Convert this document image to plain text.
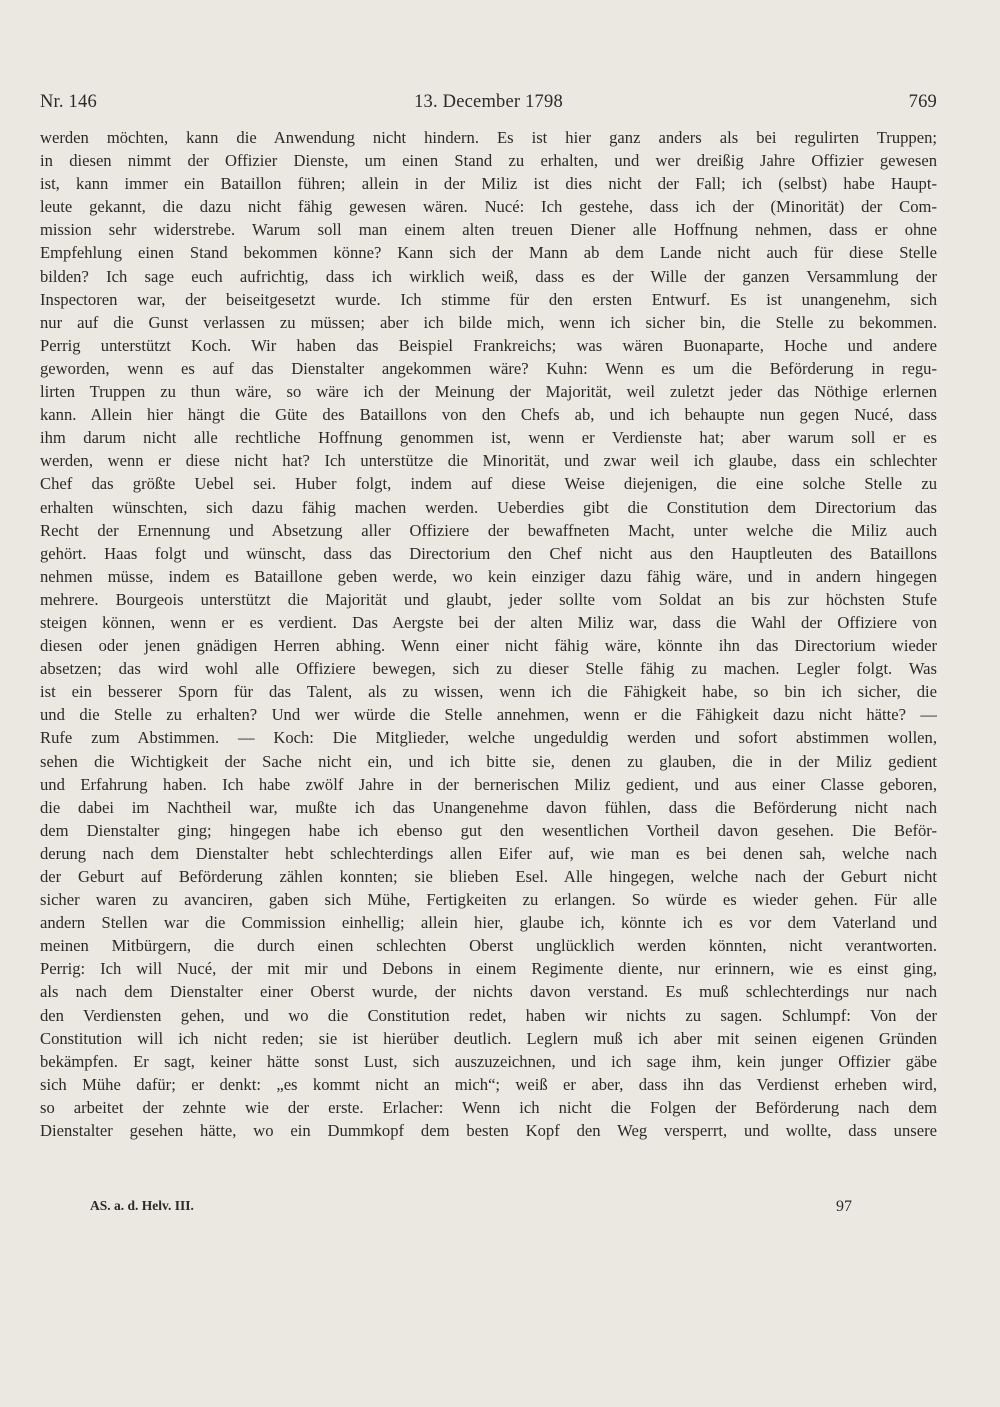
Nr. 146	13. December 1798	769
werden möchten, kann die Anwendung nicht hindern. Es ist hier ganz anders als bei regulirten Truppen;
in diesen nimmt der Offizier Dienste, um einen Stand zu erhalten, und wer dreißig Jahre Offizier gewesen
ist, kann immer ein Bataillon führen; allein in der Miliz ist dies nicht der Fall; ich (selbst) habe Haupt-
leute gekannt, die dazu nicht fähig gewesen wären. Nucé: Ich gestehe, dass ich der (Minorität) der Com-
mission sehr widerstrebe. Warum soll man einem alten treuen Diener alle Hoffnung nehmen, dass er ohne
Empfehlung einen Stand bekommen könne? Kann sich der Mann ab dem Lande nicht auch für diese Stelle
bilden? Ich sage euch aufrichtig, dass ich wirklich weiß, dass es der Wille der ganzen Versammlung der
Inspectoren war, der beiseitgesetzt wurde. Ich stimme für den ersten Entwurf. Es ist unangenehm, sich
nur auf die Gunst verlassen zu müssen; aber ich bilde mich, wenn ich sicher bin, die Stelle zu bekommen.
Perrig unterstützt Koch. Wir haben das Beispiel Frankreichs; was wären Buonaparte, Hoche und andere
geworden, wenn es auf das Dienstalter angekommen wäre? Kuhn: Wenn es um die Beförderung in regu-
lirten Truppen zu thun wäre, so wäre ich der Meinung der Majorität, weil zuletzt jeder das Nöthige erlernen
kann. Allein hier hängt die Güte des Bataillons von den Chefs ab, und ich behaupte nun gegen Nucé, dass
ihm darum nicht alle rechtliche Hoffnung genommen ist, wenn er Verdienste hat; aber warum soll er es
werden, wenn er diese nicht hat? Ich unterstütze die Minorität, und zwar weil ich glaube, dass ein schlechter
Chef das größte Uebel sei. Huber folgt, indem auf diese Weise diejenigen, die eine solche Stelle zu
erhalten wünschten, sich dazu fähig machen werden. Ueberdies gibt die Constitution dem Directorium das
Recht der Ernennung und Absetzung aller Offiziere der bewaffneten Macht, unter welche die Miliz auch
gehört. Haas folgt und wünscht, dass das Directorium den Chef nicht aus den Hauptleuten des Bataillons
nehmen müsse, indem es Bataillone geben werde, wo kein einziger dazu fähig wäre, und in andern hingegen
mehrere. Bourgeois unterstützt die Majorität und glaubt, jeder sollte vom Soldat an bis zur höchsten Stufe
steigen können, wenn er es verdient. Das Aergste bei der alten Miliz war, dass die Wahl der Offiziere von
diesen oder jenen gnädigen Herren abhing. Wenn einer nicht fähig wäre, könnte ihn das Directorium wieder
absetzen; das wird wohl alle Offiziere bewegen, sich zu dieser Stelle fähig zu machen. Legler folgt. Was
ist ein besserer Sporn für das Talent, als zu wissen, wenn ich die Fähigkeit habe, so bin ich sicher, die
und die Stelle zu erhalten? Und wer würde die Stelle annehmen, wenn er die Fähigkeit dazu nicht hätte? —
Rufe zum Abstimmen. — Koch: Die Mitglieder, welche ungeduldig werden und sofort abstimmen wollen,
sehen die Wichtigkeit der Sache nicht ein, und ich bitte sie, denen zu glauben, die in der Miliz gedient
und Erfahrung haben. Ich habe zwölf Jahre in der bernerischen Miliz gedient, und aus einer Classe geboren,
die dabei im Nachtheil war, mußte ich das Unangenehme davon fühlen, dass die Beförderung nicht nach
dem Dienstalter ging; hingegen habe ich ebenso gut den wesentlichen Vortheil davon gesehen. Die Beför-
derung nach dem Dienstalter hebt schlechterdings allen Eifer auf, wie man es bei denen sah, welche nach
der Geburt auf Beförderung zählen konnten; sie blieben Esel. Alle hingegen, welche nach der Geburt nicht
sicher waren zu avanciren, gaben sich Mühe, Fertigkeiten zu erlangen. So würde es wieder gehen. Für alle
andern Stellen war die Commission einhellig; allein hier, glaube ich, könnte ich es vor dem Vaterland und
meinen Mitbürgern, die durch einen schlechten Oberst unglücklich werden könnten, nicht verantworten.
Perrig: Ich will Nucé, der mit mir und Debons in einem Regimente diente, nur erinnern, wie es einst ging,
als nach dem Dienstalter einer Oberst wurde, der nichts davon verstand. Es muß schlechterdings nur nach
den Verdiensten gehen, und wo die Constitution redet, haben wir nichts zu sagen. Schlumpf: Von der
Constitution will ich nicht reden; sie ist hierüber deutlich. Leglern muß ich aber mit seinen eigenen Gründen
bekämpfen. Er sagt, keiner hätte sonst Lust, sich auszuzeichnen, und ich sage ihm, kein junger Offizier gäbe
sich Mühe dafür; er denkt: „es kommt nicht an mich“; weiß er aber, dass ihn das Verdienst erheben wird,
so arbeitet der zehnte wie der erste. Erlacher: Wenn ich nicht die Folgen der Beförderung nach dem
Dienstalter gesehen hätte, wo ein Dummkopf dem besten Kopf den Weg versperrt, und wollte, dass unsere
AS. a. d. Helv. III.	97
